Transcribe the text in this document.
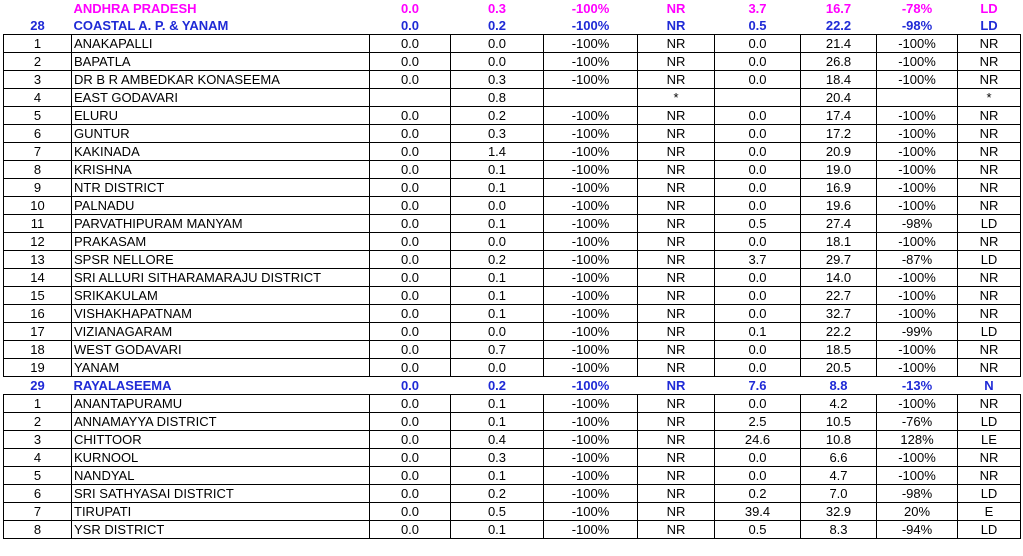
	ANDHRA PRADESH	0.0	0.3	-100%	NR	3.7	16.7	-78%	LD
28	COASTAL A. P. & YANAM	0.0	0.2	-100%	NR	0.5	22.2	-98%	LD
1	ANAKAPALLI	0.0	0.0	-100%	NR	0.0	21.4	-100%	NR
2	BAPATLA	0.0	0.0	-100%	NR	0.0	26.8	-100%	NR
3	DR B R AMBEDKAR KONASEEMA	0.0	0.3	-100%	NR	0.0	18.4	-100%	NR
4	EAST GODAVARI		0.8		*		20.4		*
5	ELURU	0.0	0.2	-100%	NR	0.0	17.4	-100%	NR
6	GUNTUR	0.0	0.3	-100%	NR	0.0	17.2	-100%	NR
7	KAKINADA	0.0	1.4	-100%	NR	0.0	20.9	-100%	NR
8	KRISHNA	0.0	0.1	-100%	NR	0.0	19.0	-100%	NR
9	NTR DISTRICT	0.0	0.1	-100%	NR	0.0	16.9	-100%	NR
10	PALNADU	0.0	0.0	-100%	NR	0.0	19.6	-100%	NR
11	PARVATHIPURAM MANYAM	0.0	0.1	-100%	NR	0.5	27.4	-98%	LD
12	PRAKASAM	0.0	0.0	-100%	NR	0.0	18.1	-100%	NR
13	SPSR NELLORE	0.0	0.2	-100%	NR	3.7	29.7	-87%	LD
14	SRI ALLURI SITHARAMARAJU DISTRICT	0.0	0.1	-100%	NR	0.0	14.0	-100%	NR
15	SRIKAKULAM	0.0	0.1	-100%	NR	0.0	22.7	-100%	NR
16	VISHAKHAPATNAM	0.0	0.1	-100%	NR	0.0	32.7	-100%	NR
17	VIZIANAGARAM	0.0	0.0	-100%	NR	0.1	22.2	-99%	LD
18	WEST GODAVARI	0.0	0.7	-100%	NR	0.0	18.5	-100%	NR
19	YANAM	0.0	0.0	-100%	NR	0.0	20.5	-100%	NR
29	RAYALASEEMA	0.0	0.2	-100%	NR	7.6	8.8	-13%	N
1	ANANTAPURAMU	0.0	0.1	-100%	NR	0.0	4.2	-100%	NR
2	ANNAMAYYA DISTRICT	0.0	0.1	-100%	NR	2.5	10.5	-76%	LD
3	CHITTOOR	0.0	0.4	-100%	NR	24.6	10.8	128%	LE
4	KURNOOL	0.0	0.3	-100%	NR	0.0	6.6	-100%	NR
5	NANDYAL	0.0	0.1	-100%	NR	0.0	4.7	-100%	NR
6	SRI SATHYASAI DISTRICT	0.0	0.2	-100%	NR	0.2	7.0	-98%	LD
7	TIRUPATI	0.0	0.5	-100%	NR	39.4	32.9	20%	E
8	YSR DISTRICT	0.0	0.1	-100%	NR	0.5	8.3	-94%	LD
